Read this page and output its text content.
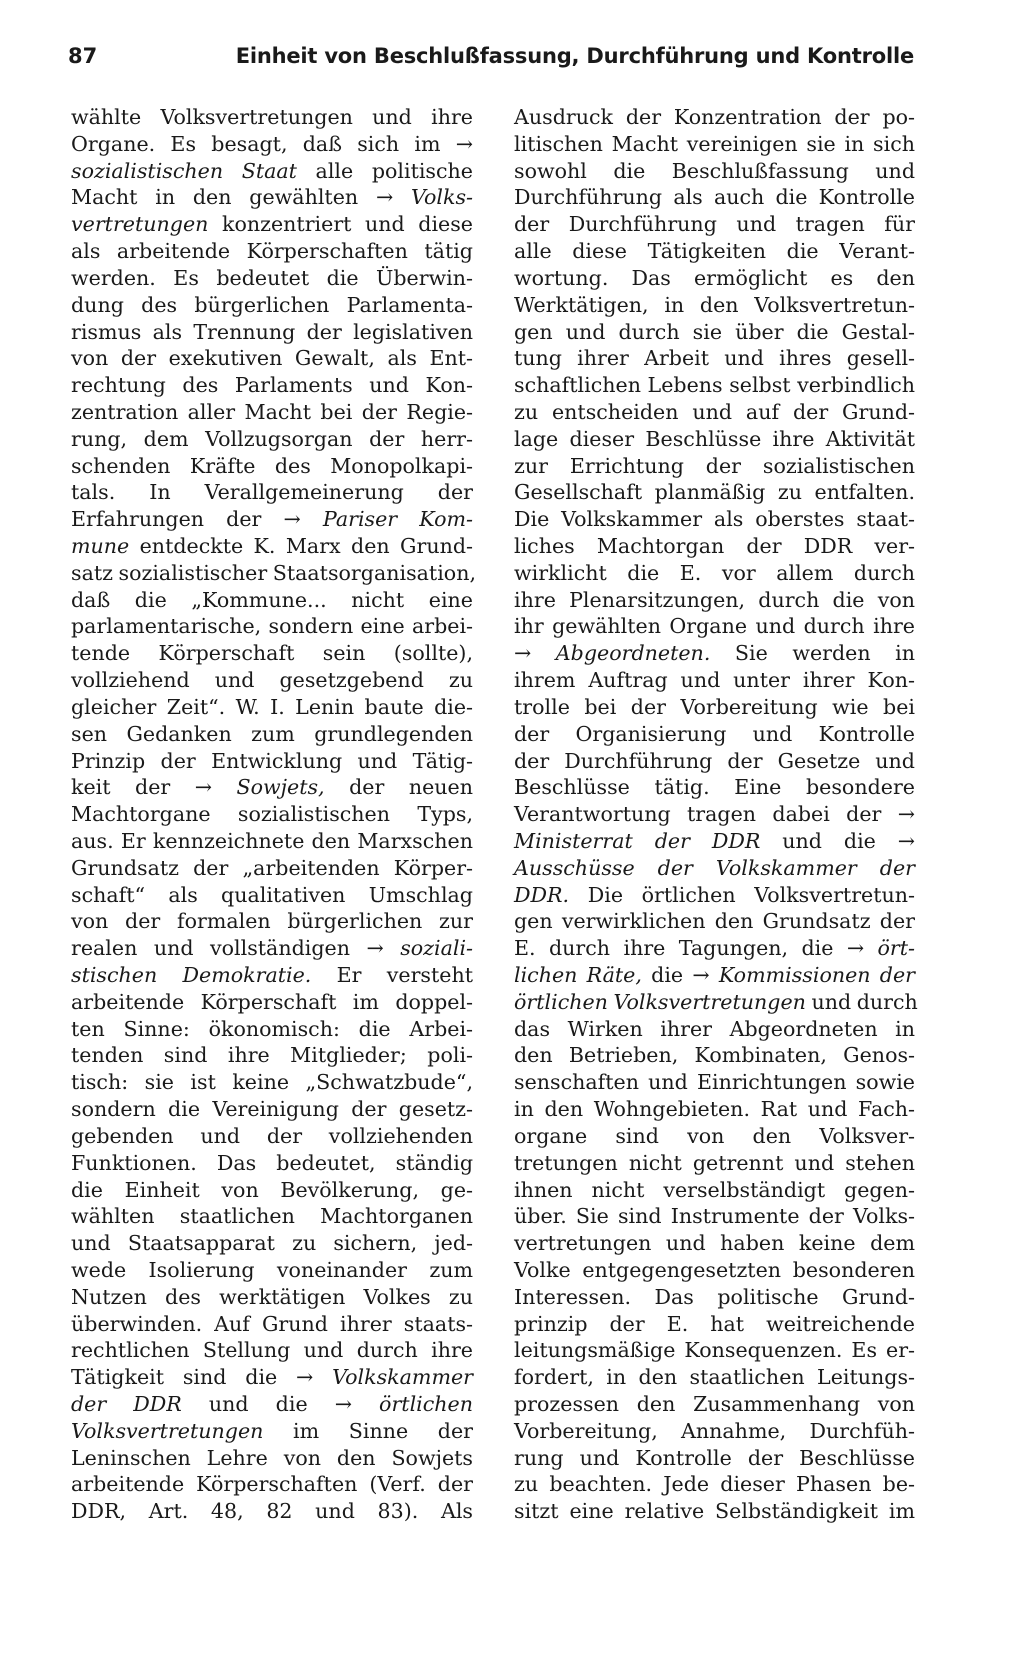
87	Einheit von Beschlußfassung, Durchführung und Kontrolle
wählte Volksvertretungen und ihre
Organe. Es besagt, daß sich im →
sozialistischen Staat alle politische
Macht in den gewählten → Volks-
vertretungen konzentriert und diese
als arbeitende Körperschaften tätig
werden. Es bedeutet die Überwin-
dung des bürgerlichen Parlamenta-
rismus als Trennung der legislativen
von der exekutiven Gewalt, als Ent-
rechtung des Parlaments und Kon-
zentration aller Macht bei der Regie-
rung, dem Vollzugsorgan der herr-
schenden Kräfte des Monopolkapi-
tals. In Verallgemeinerung der
Erfahrungen der → Pariser Kom-
mune entdeckte K. Marx den Grund-
satz sozialistischer Staatsorganisation,
daß die „Kommune... nicht eine
parlamentarische, sondern eine arbei-
tende Körperschaft sein (sollte),
vollziehend und gesetzgebend zu
gleicher Zeit“. W. I. Lenin baute die-
sen Gedanken zum grundlegenden
Prinzip der Entwicklung und Tätig-
keit der → Sowjets, der neuen
Machtorgane sozialistischen Typs,
aus. Er kennzeichnete den Marxschen
Grundsatz der „arbeitenden Körper-
schaft“ als qualitativen Umschlag
von der formalen bürgerlichen zur
realen und vollständigen → soziali-
stischen Demokratie. Er versteht
arbeitende Körperschaft im doppel-
ten Sinne: ökonomisch: die Arbei-
tenden sind ihre Mitglieder; poli-
tisch: sie ist keine „Schwatzbude“,
sondern die Vereinigung der gesetz-
gebenden und der vollziehenden
Funktionen. Das bedeutet, ständig
die Einheit von Bevölkerung, ge-
wählten staatlichen Machtorganen
und Staatsapparat zu sichern, jed-
wede Isolierung voneinander zum
Nutzen des werktätigen Volkes zu
überwinden. Auf Grund ihrer staats-
rechtlichen Stellung und durch ihre
Tätigkeit sind die → Volkskammer
der DDR und die → örtlichen
Volksvertretungen im Sinne der
Leninschen Lehre von den Sowjets
arbeitende Körperschaften (Verf. der
DDR, Art. 48, 82 und 83). Als
Ausdruck der Konzentration der po-
litischen Macht vereinigen sie in sich
sowohl die Beschlußfassung und
Durchführung als auch die Kontrolle
der Durchführung und tragen für
alle diese Tätigkeiten die Verant-
wortung. Das ermöglicht es den
Werktätigen, in den Volksvertretun-
gen und durch sie über die Gestal-
tung ihrer Arbeit und ihres gesell-
schaftlichen Lebens selbst verbindlich
zu entscheiden und auf der Grund-
lage dieser Beschlüsse ihre Aktivität
zur Errichtung der sozialistischen
Gesellschaft planmäßig zu entfalten.
Die Volkskammer als oberstes staat-
liches Machtorgan der DDR ver-
wirklicht die E. vor allem durch
ihre Plenarsitzungen, durch die von
ihr gewählten Organe und durch ihre
→ Abgeordneten. Sie werden in
ihrem Auftrag und unter ihrer Kon-
trolle bei der Vorbereitung wie bei
der Organisierung und Kontrolle
der Durchführung der Gesetze und
Beschlüsse tätig. Eine besondere
Verantwortung tragen dabei der →
Ministerrat der DDR und die →
Ausschüsse der Volkskammer der
DDR. Die örtlichen Volksvertretun-
gen verwirklichen den Grundsatz der
E. durch ihre Tagungen, die → ört-
lichen Räte, die → Kommissionen der
örtlichen Volksvertretungen und durch
das Wirken ihrer Abgeordneten in
den Betrieben, Kombinaten, Genos-
senschaften und Einrichtungen sowie
in den Wohngebieten. Rat und Fach-
organe sind von den Volksver-
tretungen nicht getrennt und stehen
ihnen nicht verselbständigt gegen-
über. Sie sind Instrumente der Volks-
vertretungen und haben keine dem
Volke entgegengesetzten besonderen
Interessen. Das politische Grund-
prinzip der E. hat weitreichende
leitungsmäßige Konsequenzen. Es er-
fordert, in den staatlichen Leitungs-
prozessen den Zusammenhang von
Vorbereitung, Annahme, Durchfüh-
rung und Kontrolle der Beschlüsse
zu beachten. Jede dieser Phasen be-
sitzt eine relative Selbständigkeit im
